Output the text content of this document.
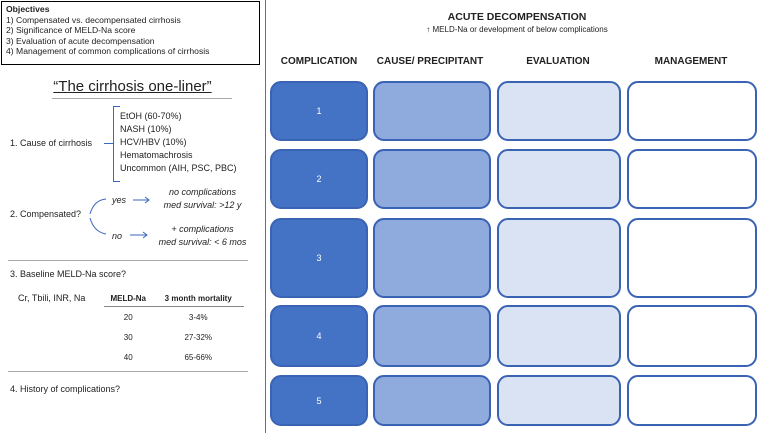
Objectives
1) Compensated vs. decompensated cirrhosis
2) Significance of MELD-Na score
3) Evaluation of acute decompensation
4) Management of common complications of cirrhosis
“The cirrhosis one-liner”
1. Cause of cirrhosis
EtOH (60-70%)
NASH (10%)
HCV/HBV (10%)
Hematomachrosis
Uncommon (AIH, PSC, PBC)
2. Compensated?
yes
no
no complications
med survival: >12 y
+ complications
med survival: < 6 mos
3. Baseline MELD-Na score?
Cr, Tbili, INR, Na	MELD-Na	3 month mortality
20	3-4%
30	27-32%
40	65-66%
4. History of complications?
ACUTE DECOMPENSATION
↑ MELD-Na or development of below complications
COMPLICATION	CAUSE/ PRECIPITANT	EVALUATION	MANAGEMENT
1
2
3
4
5
